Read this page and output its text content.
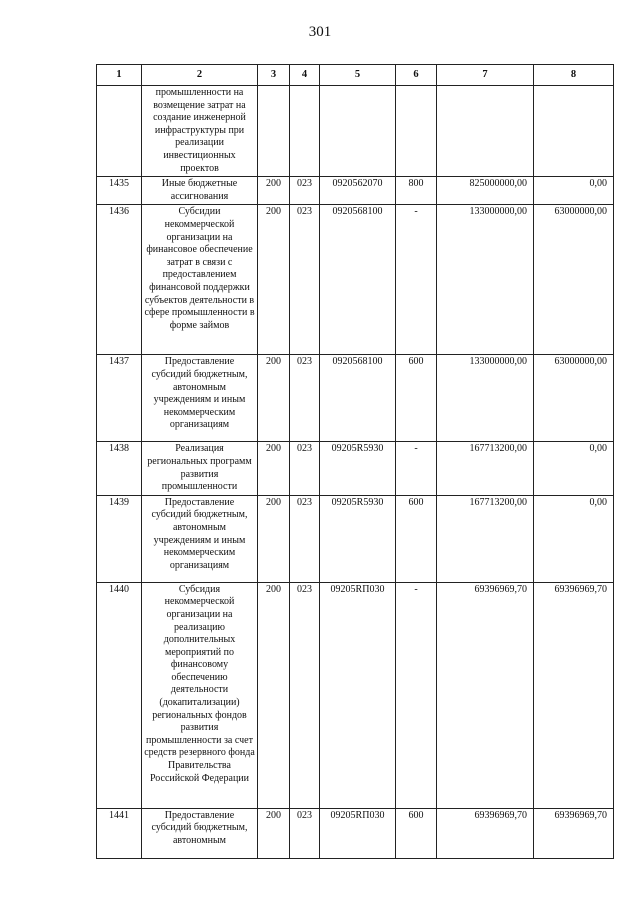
301
1	2	3	4	5	6	7	8
	промышленности на возмещение затрат на создание инженерной инфраструктуры при реализации инвестиционных проектов						
1435	Иные бюджетные ассигнования	200	023	0920562070	800	825000000,00	0,00
1436	Субсидии некоммерческой организации на финансовое обеспечение затрат в связи с предоставлением финансовой поддержки субъектов деятельности в сфере промышленности в форме займов	200	023	0920568100	-	133000000,00	63000000,00
1437	Предоставление субсидий бюджетным, автономным учреждениям и иным некоммерческим организациям	200	023	0920568100	600	133000000,00	63000000,00
1438	Реализация региональных программ развития промышленности	200	023	09205R5930	-	167713200,00	0,00
1439	Предоставление субсидий бюджетным, автономным учреждениям и иным некоммерческим организациям	200	023	09205R5930	600	167713200,00	0,00
1440	Субсидия некоммерческой организации на реализацию дополнительных мероприятий по финансовому обеспечению деятельности (докапитализации) региональных фондов развития промышленности за счет средств резервного фонда Правительства Российской Федерации	200	023	09205RП030	-	69396969,70	69396969,70
1441	Предоставление субсидий бюджетным, автономным	200	023	09205RП030	600	69396969,70	69396969,70
